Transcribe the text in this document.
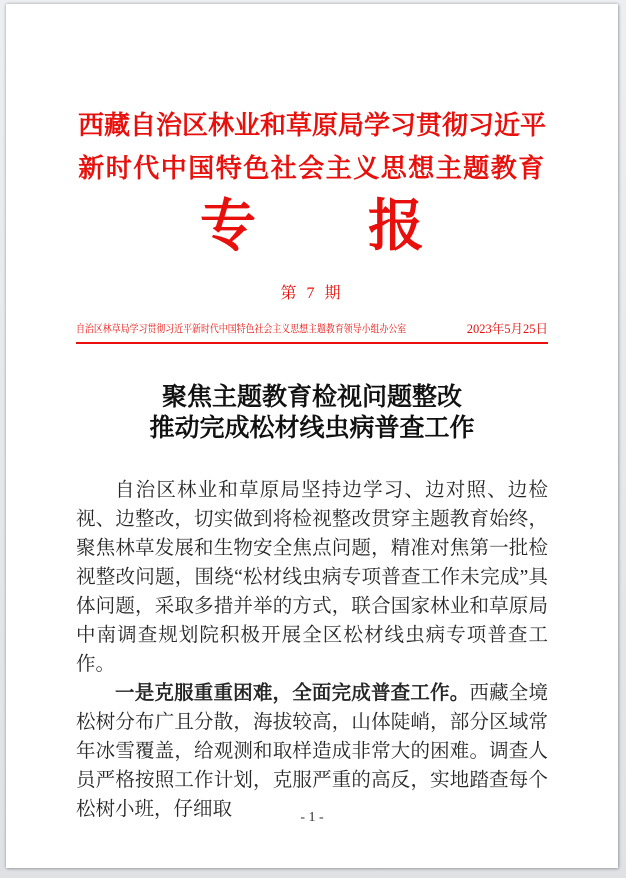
西藏自治区林业和草原局学习贯彻习近平
新时代中国特色社会主义思想主题教育
专　　报
第 7 期
自治区林草局学习贯彻习近平新时代中国特色社会主义思想主题教育领导小组办公室	2023年5月25日
聚焦主题教育检视问题整改
推动完成松材线虫病普查工作

自治区林业和草原局坚持边学习、边对照、边检视、边整改，切实做到将检视整改贯穿主题教育始终，聚焦林草发展和生物安全焦点问题，精准对焦第一批检视整改问题，围绕“松材线虫病专项普查工作未完成”具体问题，采取多措并举的方式，联合国家林业和草原局中南调查规划院积极开展全区松材线虫病专项普查工作。

一是克服重重困难，全面完成普查工作。西藏全境松树分布广且分散，海拔较高，山体陡峭，部分区域常年冰雪覆盖，给观测和取样造成非常大的困难。调查人员严格按照工作计划，克服严重的高反，实地踏查每个松树小班，仔细取	- 1 -
